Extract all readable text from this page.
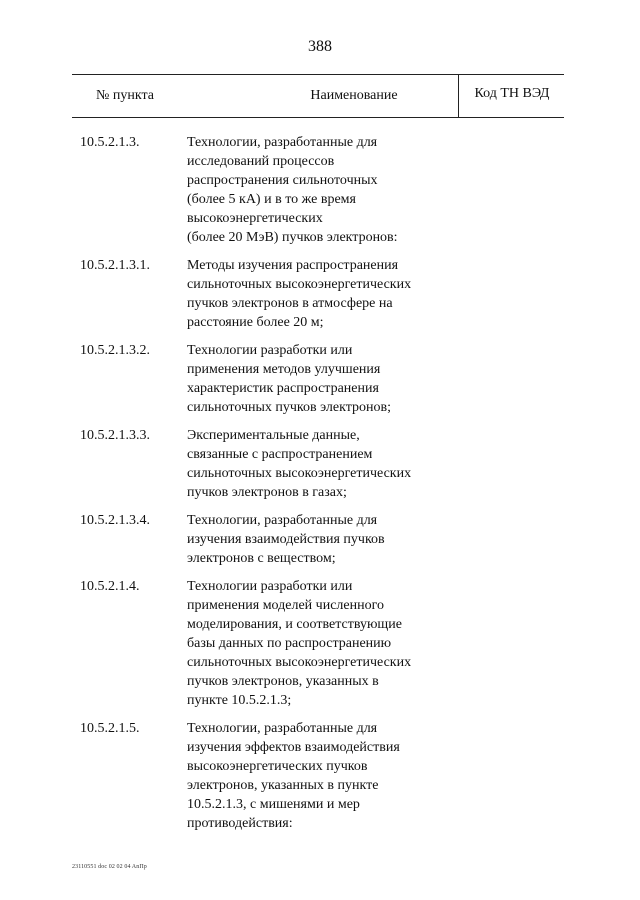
388
№ пункта	Наименование	Код ТН ВЭД
10.5.2.1.3.	Технологии, разработанные для
исследований процессов
распространения сильноточных
(более 5 кА) и в то же время
высокоэнергетических
(более 20 МэВ) пучков электронов:
10.5.2.1.3.1.	Методы изучения распространения
сильноточных высокоэнергетических
пучков электронов в атмосфере на
расстояние более 20 м;
10.5.2.1.3.2.	Технологии разработки или
применения методов улучшения
характеристик распространения
сильноточных пучков электронов;
10.5.2.1.3.3.	Экспериментальные данные,
связанные с распространением
сильноточных высокоэнергетических
пучков электронов в газах;
10.5.2.1.3.4.	Технологии, разработанные для
изучения взаимодействия пучков
электронов с веществом;
10.5.2.1.4.	Технологии разработки или
применения моделей численного
моделирования, и соответствующие
базы данных по распространению
сильноточных высокоэнергетических
пучков электронов, указанных в
пункте 10.5.2.1.3;
10.5.2.1.5.	Технологии, разработанные для
изучения эффектов взаимодействия
высокоэнергетических пучков
электронов, указанных в пункте
10.5.2.1.3, с мишенями и мер
противодействия:
23110551 doc 02 02 04 AnПр
